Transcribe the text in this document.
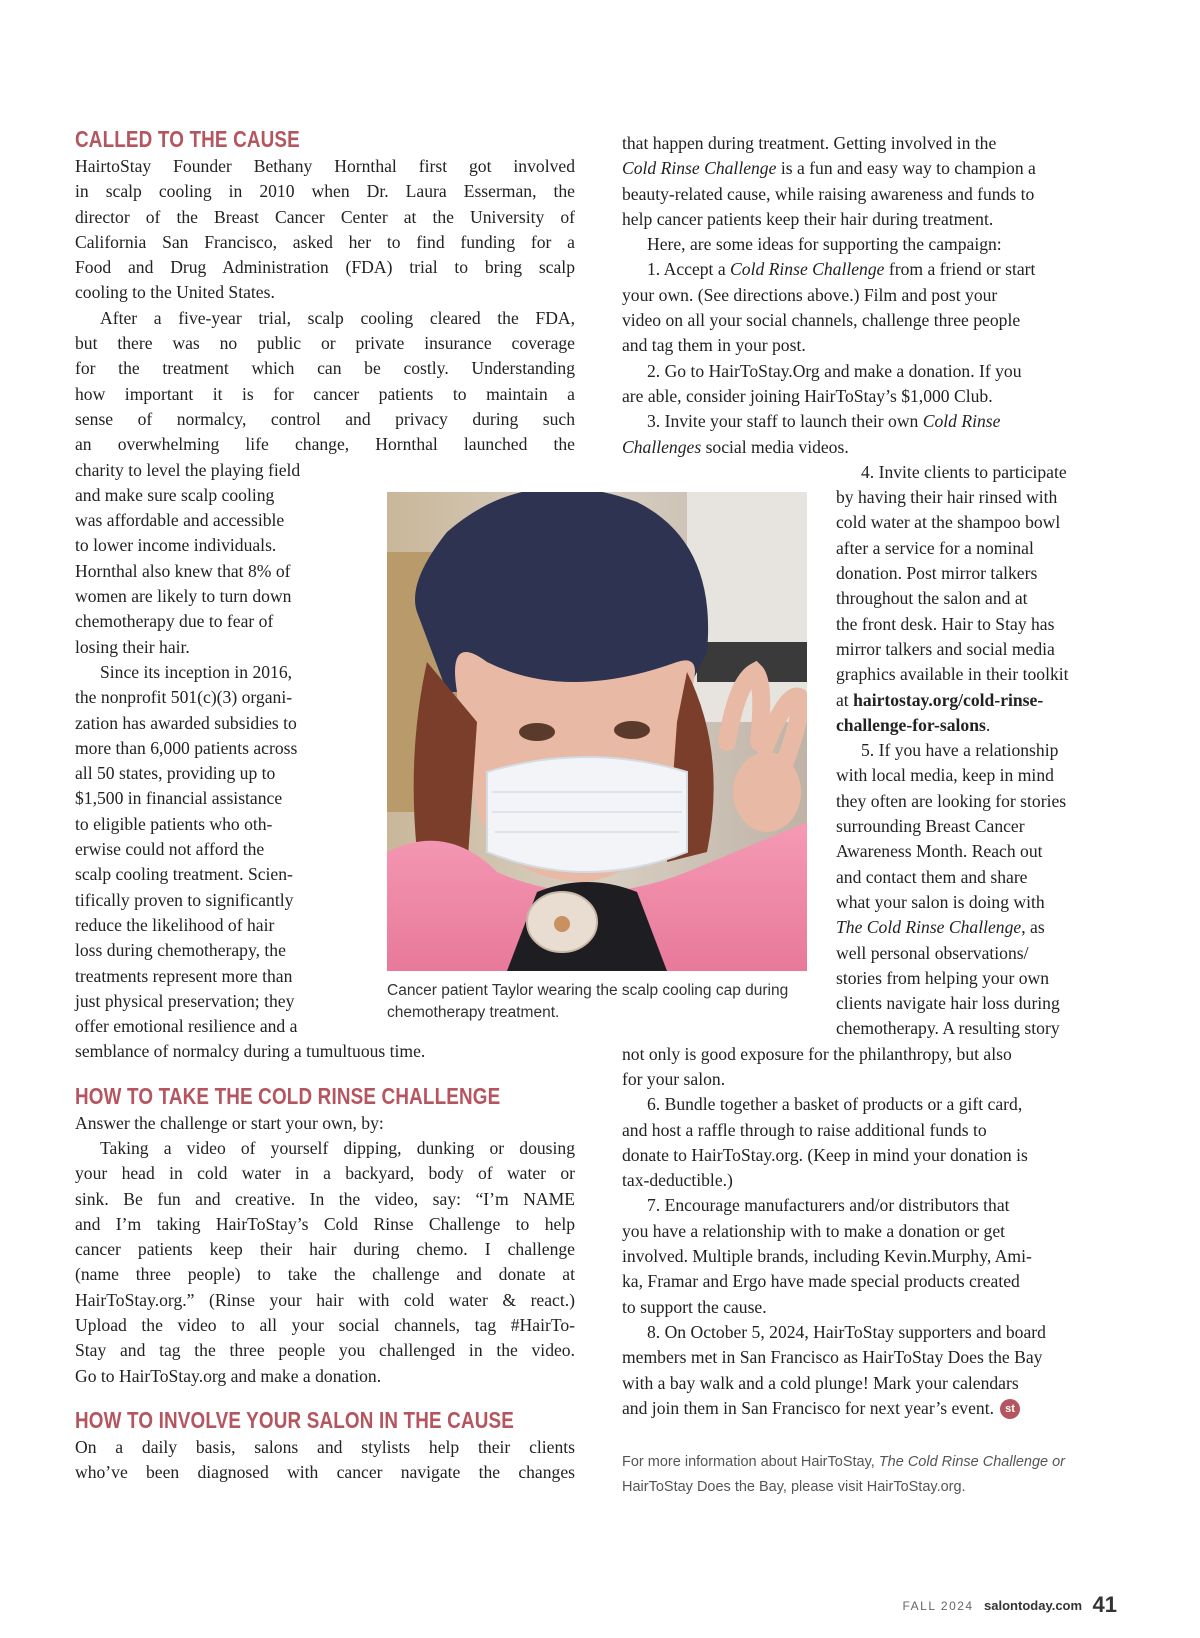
CALLED TO THE CAUSE
HairtoStay Founder Bethany Hornthal first got involved
in scalp cooling in 2010 when Dr. Laura Esserman, the
director of the Breast Cancer Center at the University of
California San Francisco, asked her to find funding for a
Food and Drug Administration (FDA) trial to bring scalp
cooling to the United States.
After a five-year trial, scalp cooling cleared the FDA,
but there was no public or private insurance coverage
for the treatment which can be costly. Understanding
how important it is for cancer patients to maintain a
sense of normalcy, control and privacy during such
an overwhelming life change, Hornthal launched the
charity to level the playing field
and make sure scalp cooling
was affordable and accessible
to lower income individuals.
Hornthal also knew that 8% of
women are likely to turn down
chemotherapy due to fear of
losing their hair.
Since its inception in 2016,
the nonprofit 501(c)(3) organi-
zation has awarded subsidies to
more than 6,000 patients across
all 50 states, providing up to
$1,500 in financial assistance
to eligible patients who oth-
erwise could not afford the
scalp cooling treatment. Scien-
tifically proven to significantly
reduce the likelihood of hair
loss during chemotherapy, the
treatments represent more than
just physical preservation; they
offer emotional resilience and a
semblance of normalcy during a tumultuous time.
HOW TO TAKE THE COLD RINSE CHALLENGE
Answer the challenge or start your own, by:
Taking a video of yourself dipping, dunking or dousing
your head in cold water in a backyard, body of water or
sink. Be fun and creative. In the video, say: “I’m NAME
and I’m taking HairToStay’s Cold Rinse Challenge to help
cancer patients keep their hair during chemo. I challenge
(name three people) to take the challenge and donate at
HairToStay.org.” (Rinse your hair with cold water & react.)
Upload the video to all your social channels, tag #HairTo-
Stay and tag the three people you challenged in the video.
Go to HairToStay.org and make a donation.
HOW TO INVOLVE YOUR SALON IN THE CAUSE
On a daily basis, salons and stylists help their clients
who’ve been diagnosed with cancer navigate the changes
that happen during treatment. Getting involved in the
Cold Rinse Challenge is a fun and easy way to champion a
beauty-related cause, while raising awareness and funds to
help cancer patients keep their hair during treatment.
Here, are some ideas for supporting the campaign:
1. Accept a Cold Rinse Challenge from a friend or start
your own. (See directions above.) Film and post your
video on all your social channels, challenge three people
and tag them in your post.
2. Go to HairToStay.Org and make a donation. If you
are able, consider joining HairToStay’s $1,000 Club.
3. Invite your staff to launch their own Cold Rinse
Challenges social media videos.
4. Invite clients to participate
by having their hair rinsed with
cold water at the shampoo bowl
after a service for a nominal
donation. Post mirror talkers
throughout the salon and at
the front desk. Hair to Stay has
mirror talkers and social media
graphics available in their toolkit
at hairtostay.org/cold-rinse-
challenge-for-salons.
5. If you have a relationship
with local media, keep in mind
they often are looking for stories
surrounding Breast Cancer
Awareness Month. Reach out
and contact them and share
what your salon is doing with
The Cold Rinse Challenge, as
well personal observations/
stories from helping your own
clients navigate hair loss during
chemotherapy. A resulting story
not only is good exposure for the philanthropy, but also
for your salon.
6. Bundle together a basket of products or a gift card,
and host a raffle through to raise additional funds to
donate to HairToStay.org. (Keep in mind your donation is
tax-deductible.)
7. Encourage manufacturers and/or distributors that
you have a relationship with to make a donation or get
involved. Multiple brands, including Kevin.Murphy, Ami-
ka, Framar and Ergo have made special products created
to support the cause.
8. On October 5, 2024, HairToStay supporters and board
members met in San Francisco as HairToStay Does the Bay
with a bay walk and a cold plunge! Mark your calendars
and join them in San Francisco for next year’s event. st
Cancer patient Taylor wearing the scalp cooling cap during
chemotherapy treatment.
For more information about HairToStay, The Cold Rinse Challenge or
HairToStay Does the Bay, please visit HairToStay.org.
FALL 2024 salontoday.com 41
